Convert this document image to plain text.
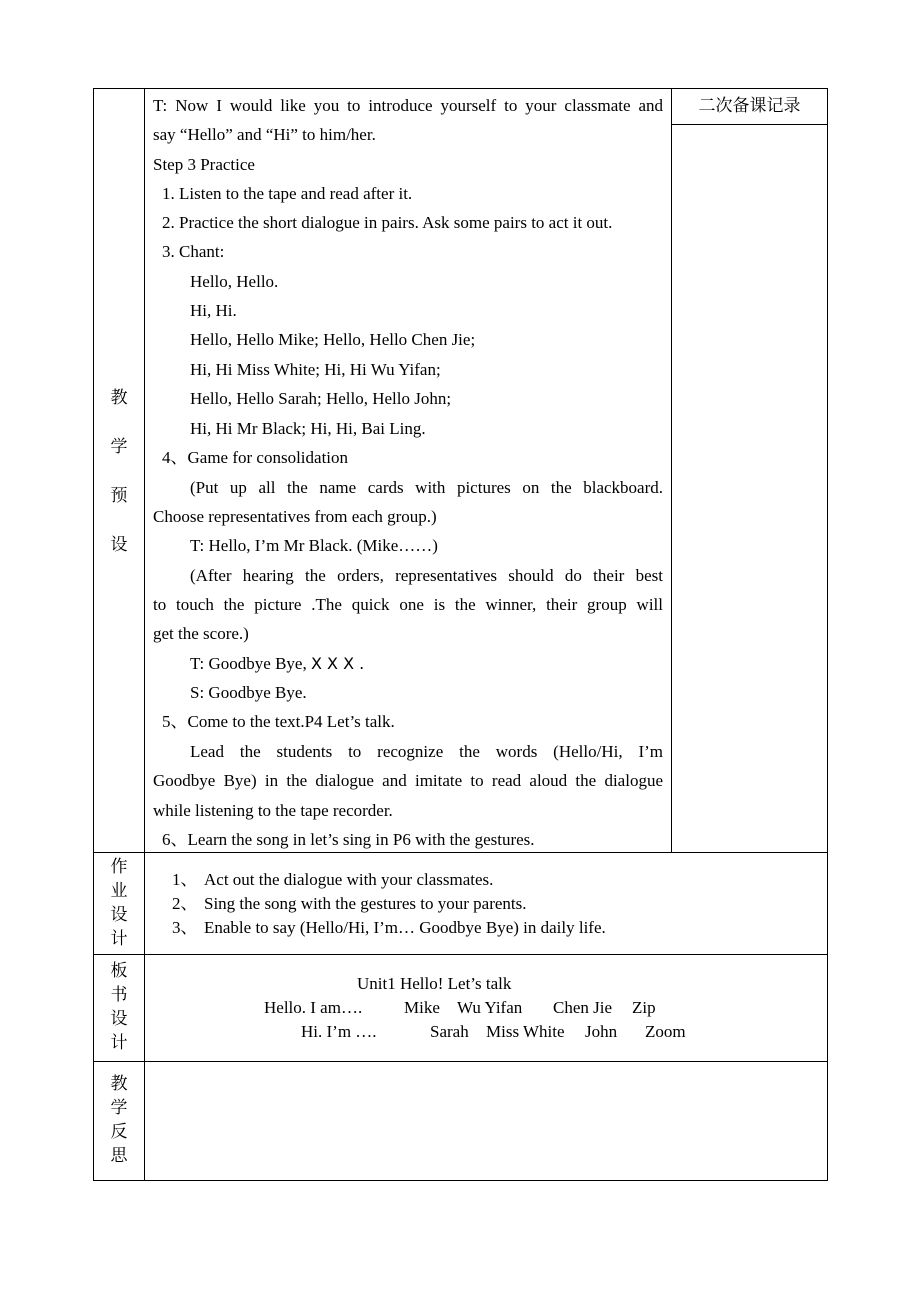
教
学
预
设
作
业
设
计
板
书
设
计
教
学
反
思
二次备课记录
T: Now I would like you to introduce yourself to your classmate and
say “Hello” and “Hi” to him/her.
Step 3 Practice
1. Listen to the tape and read after it.
2. Practice the short dialogue in pairs. Ask some pairs to act it out.
3. Chant:
Hello, Hello.
Hi, Hi.
Hello, Hello Mike; Hello, Hello Chen Jie;
Hi, Hi Miss White; Hi, Hi Wu Yifan;
Hello, Hello Sarah; Hello, Hello John;
Hi, Hi Mr Black; Hi, Hi, Bai Ling.
4、Game for consolidation
(Put up all the name cards with pictures on the blackboard.
Choose representatives from each group.)
T: Hello, I’m Mr Black. (Mike……)
(After hearing the orders, representatives should do their best
to touch the picture .The quick one is the winner, their group will
get the score.)
T: Goodbye Bye, X X X .
S: Goodbye Bye.
5、Come to the text.P4 Let’s talk.
Lead the students to recognize the words (Hello/Hi, I’m
Goodbye Bye) in the dialogue and imitate to read aloud the dialogue
while listening to the tape recorder.
6、Learn the song in let’s sing in P6 with the gestures.
1、 Act out the dialogue with your classmates.
2、 Sing the song with the gestures to your parents.
3、 Enable to say (Hello/Hi, I’m… Goodbye Bye) in daily life.
Unit1 Hello! Let’s talk
Hello. I am…. Mike Wu Yifan Chen Jie Zip
Hi. I’m ….	Sarah Miss White John Zoom
